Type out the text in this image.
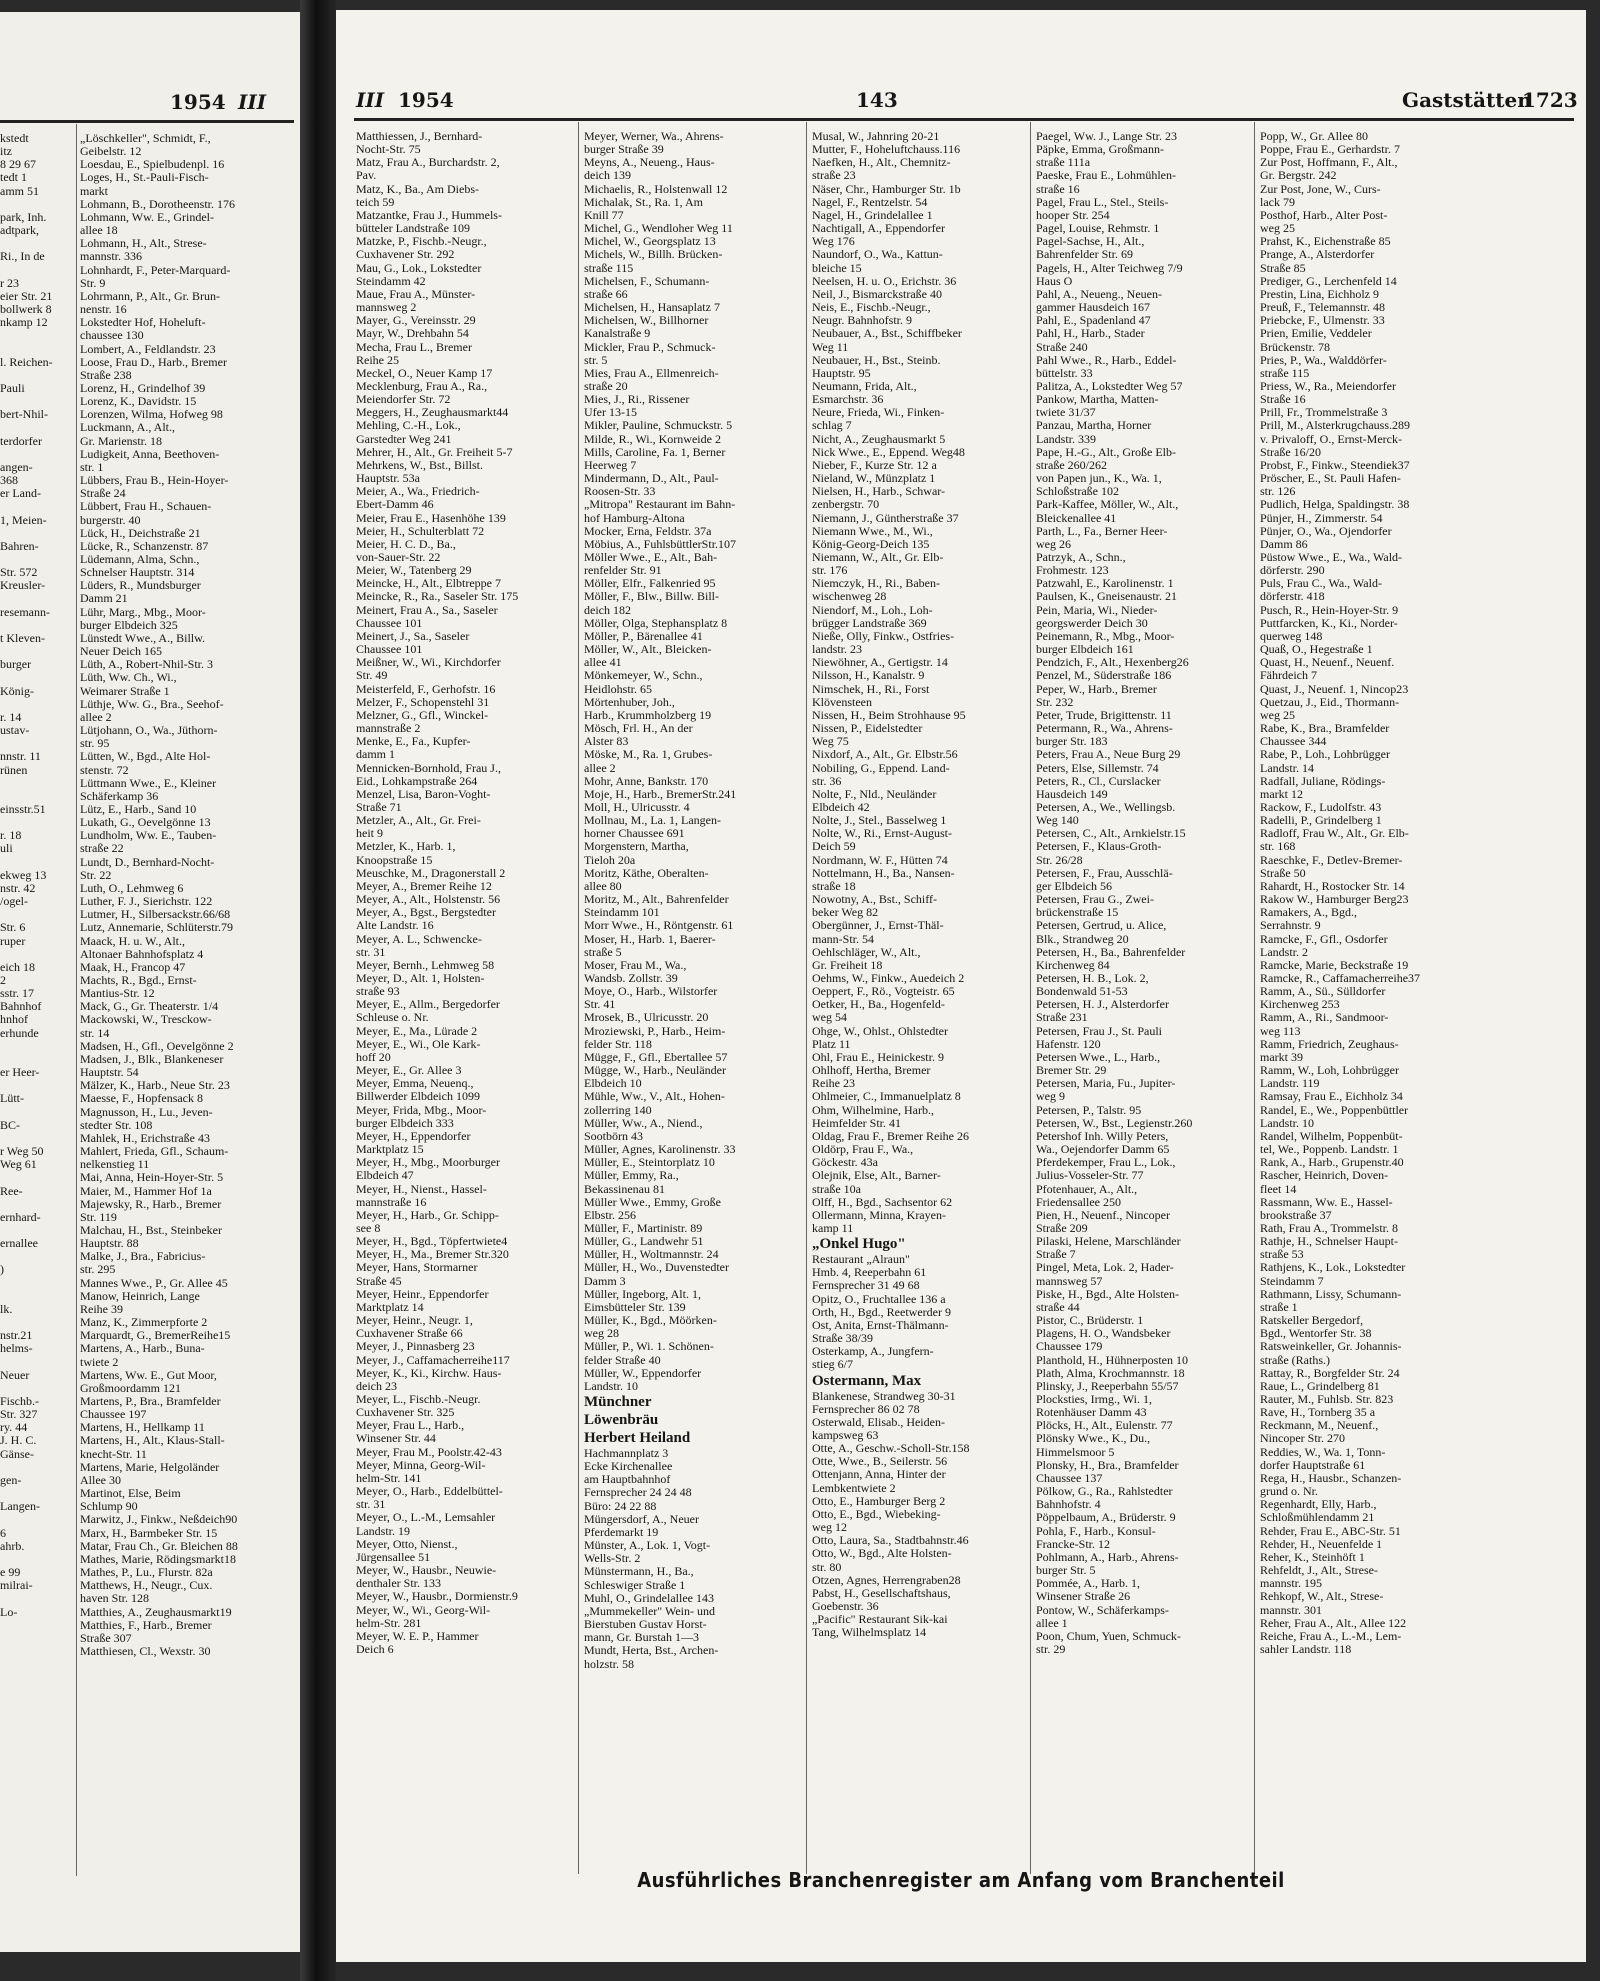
1954 III
kstedt
itz
8 29 67
tedt 1
amm 51

park, Inh.
adtpark,

Ri., In de

r 23
eier Str. 21
bollwerk 8
nkamp 12

l. Reichen-

Pauli

bert-Nhil-

terdorfer

angen-
368
er Land-

1, Meien-

Bahren-

Str. 572
Kreusler-

resemann-

t Kleven-

burger

König-

r. 14
ustav-

nnstr. 11
rünen

einsstr.51

r. 18
uli

ekweg 13
nstr. 42
/ogel-

Str. 6
ruper

eich 18
2
sstr. 17
Bahnhof
hnhof
erhunde

er Heer-

Lütt-

BC-

r Weg 50
Weg 61

Ree-

ernhard-

ernallee

)

lk.

nstr.21
helms-

Neuer

Fischb.-
Str. 327
ry. 44
J. H. C.
Gänse-

gen-

Langen-

6
ahrb.

e 99
milrai-

Lo-
„Löschkeller", Schmidt, F.,
Geibelstr. 12
Loesdau, E., Spielbudenpl. 16
Loges, H., St.-Pauli-Fisch-
markt
Lohmann, B., Dorotheenstr. 176
Lohmann, Ww. E., Grindel-
allee 18
Lohmann, H., Alt., Strese-
mannstr. 336
Lohnhardt, F., Peter-Marquard-
Str. 9
Lohrmann, P., Alt., Gr. Brun-
nenstr. 16
Lokstedter Hof, Hoheluft-
chaussee 130
Lombert, A., Feldlandstr. 23
Loose, Frau D., Harb., Bremer
Straße 238
Lorenz, H., Grindelhof 39
Lorenz, K., Davidstr. 15
Lorenzen, Wilma, Hofweg 98
Luckmann, A., Alt.,
Gr. Marienstr. 18
Ludigkeit, Anna, Beethoven-
str. 1
Lübbers, Frau B., Hein-Hoyer-
Straße 24
Lübbert, Frau H., Schauen-
burgerstr. 40
Lück, H., Deichstraße 21
Lücke, R., Schanzenstr. 87
Lüdemann, Alma, Schn.,
Schnelser Hauptstr. 314
Lüders, R., Mundsburger
Damm 21
Lühr, Marg., Mbg., Moor-
burger Elbdeich 325
Lünstedt Wwe., A., Billw.
Neuer Deich 165
Lüth, A., Robert-Nhil-Str. 3
Lüth, Ww. Ch., Wi.,
Weimarer Straße 1
Lüthje, Ww. G., Bra., Seehof-
allee 2
Lütjohann, O., Wa., Jüthorn-
str. 95
Lütten, W., Bgd., Alte Hol-
stenstr. 72
Lüttmann Wwe., E., Kleiner
Schäferkamp 36
Lütz, E., Harb., Sand 10
Lukath, G., Oevelgönne 13
Lundholm, Ww. E., Tauben-
straße 22
Lundt, D., Bernhard-Nocht-
Str. 22
Luth, O., Lehmweg 6
Luther, F. J., Sierichstr. 122
Lutmer, H., Silbersackstr.66/68
Lutz, Annemarie, Schlüterstr.79
Maack, H. u. W., Alt.,
Altonaer Bahnhofsplatz 4
Maak, H., Francop 47
Machts, R., Bgd., Ernst-
Mantius-Str. 12
Mack, G., Gr. Theaterstr. 1/4
Mackowski, W., Tresckow-
str. 14
Madsen, H., Gfl., Oevelgönne 2
Madsen, J., Blk., Blankeneser
Hauptstr. 54
Mälzer, K., Harb., Neue Str. 23
Maesse, F., Hopfensack 8
Magnusson, H., Lu., Jeven-
stedter Str. 108
Mahlek, H., Erichstraße 43
Mahlert, Frieda, Gfl., Schaum-
nelkenstieg 11
Mai, Anna, Hein-Hoyer-Str. 5
Maier, M., Hammer Hof 1a
Majewsky, R., Harb., Bremer
Str. 119
Malchau, H., Bst., Steinbeker
Hauptstr. 88
Malke, J., Bra., Fabricius-
str. 295
Mannes Wwe., P., Gr. Allee 45
Manow, Heinrich, Lange
Reihe 39
Manz, K., Zimmerpforte 2
Marquardt, G., BremerReihe15
Martens, A., Harb., Buna-
twiete 2
Martens, Ww. E., Gut Moor,
Großmoordamm 121
Martens, P., Bra., Bramfelder
Chaussee 197
Martens, H., Hellkamp 11
Martens, H., Alt., Klaus-Stall-
knecht-Str. 11
Martens, Marie, Helgoländer
Allee 30
Martinot, Else, Beim
Schlump 90
Marwitz, J., Finkw., Neßdeich90
Marx, H., Barmbeker Str. 15
Matar, Frau Ch., Gr. Bleichen 88
Mathes, Marie, Rödingsmarkt18
Mathes, P., Lu., Flurstr. 82a
Matthews, H., Neugr., Cux.
haven Str. 128
Matthies, A., Zeughausmarkt19
Matthies, F., Harb., Bremer
Straße 307
Matthiesen, Cl., Wexstr. 30
III 1954	143	Gaststätten
1723
Matthiessen, J., Bernhard-
Nocht-Str. 75
Matz, Frau A., Burchardstr. 2,
Pav.
Matz, K., Ba., Am Diebs-
teich 59
Matzantke, Frau J., Hummels-
bütteler Landstraße 109
Matzke, P., Fischb.-Neugr.,
Cuxhavener Str. 292
Mau, G., Lok., Lokstedter
Steindamm 42
Maue, Frau A., Münster-
mannsweg 2
Mayer, G., Vereinsstr. 29
Mayr, W., Drehbahn 54
Mecha, Frau L., Bremer
Reihe 25
Meckel, O., Neuer Kamp 17
Mecklenburg, Frau A., Ra.,
Meiendorfer Str. 72
Meggers, H., Zeughausmarkt44
Mehling, C.-H., Lok.,
Garstedter Weg 241
Mehrer, H., Alt., Gr. Freiheit 5-7
Mehrkens, W., Bst., Billst.
Hauptstr. 53a
Meier, A., Wa., Friedrich-
Ebert-Damm 46
Meier, Frau E., Hasenhöhe 139
Meier, H., Schulterblatt 72
Meier, H. C. D., Ba.,
von-Sauer-Str. 22
Meier, W., Tatenberg 29
Meincke, H., Alt., Elbtreppe 7
Meincke, R., Ra., Saseler Str. 175
Meinert, Frau A., Sa., Saseler
Chaussee 101
Meinert, J., Sa., Saseler
Chaussee 101
Meißner, W., Wi., Kirchdorfer
Str. 49
Meisterfeld, F., Gerhofstr. 16
Melzer, F., Schopenstehl 31
Melzner, G., Gfl., Winckel-
mannstraße 2
Menke, E., Fa., Kupfer-
damm 1
Mennicken-Bornhold, Frau J.,
Eid., Lohkampstraße 264
Menzel, Lisa, Baron-Voght-
Straße 71
Metzler, A., Alt., Gr. Frei-
heit 9
Metzler, K., Harb. 1,
Knoopstraße 15
Meuschke, M., Dragonerstall 2
Meyer, A., Bremer Reihe 12
Meyer, A., Alt., Holstenstr. 56
Meyer, A., Bgst., Bergstedter
Alte Landstr. 16
Meyer, A. L., Schwencke-
str. 31
Meyer, Bernh., Lehmweg 58
Meyer, D., Alt. 1, Holsten-
straße 93
Meyer, E., Allm., Bergedorfer
Schleuse o. Nr.
Meyer, E., Ma., Lürade 2
Meyer, E., Wi., Ole Kark-
hoff 20
Meyer, E., Gr. Allee 3
Meyer, Emma, Neuenq.,
Billwerder Elbdeich 1099
Meyer, Frida, Mbg., Moor-
burger Elbdeich 333
Meyer, H., Eppendorfer
Marktplatz 15
Meyer, H., Mbg., Moorburger
Elbdeich 47
Meyer, H., Nienst., Hassel-
mannstraße 16
Meyer, H., Harb., Gr. Schipp-
see 8
Meyer, H., Bgd., Töpfertwiete4
Meyer, H., Ma., Bremer Str.320
Meyer, Hans, Stormarner
Straße 45
Meyer, Heinr., Eppendorfer
Marktplatz 14
Meyer, Heinr., Neugr. 1,
Cuxhavener Straße 66
Meyer, J., Pinnasberg 23
Meyer, J., Caffamacherreihe117
Meyer, K., Ki., Kirchw. Haus-
deich 23
Meyer, L., Fischb.-Neugr.
Cuxhavener Str. 325
Meyer, Frau L., Harb.,
Winsener Str. 44
Meyer, Frau M., Poolstr.42-43
Meyer, Minna, Georg-Wil-
helm-Str. 141
Meyer, O., Harb., Eddelbüttel-
str. 31
Meyer, O., L.-M., Lemsahler
Landstr. 19
Meyer, Otto, Nienst.,
Jürgensallee 51
Meyer, W., Hausbr., Neuwie-
denthaler Str. 133
Meyer, W., Hausbr., Dormienstr.9
Meyer, W., Wi., Georg-Wil-
helm-Str. 281
Meyer, W. E. P., Hammer
Deich 6
Meyer, Werner, Wa., Ahrens-
burger Straße 39
Meyns, A., Neueng., Haus-
deich 139
Michaelis, R., Holstenwall 12
Michalak, St., Ra. 1, Am
Knill 77
Michel, G., Wendloher Weg 11
Michel, W., Georgsplatz 13
Michels, W., Billh. Brücken-
straße 115
Michelsen, F., Schumann-
straße 66
Michelsen, H., Hansaplatz 7
Michelsen, W., Billhorner
Kanalstraße 9
Mickler, Frau P., Schmuck-
str. 5
Mies, Frau A., Ellmenreich-
straße 20
Mies, J., Ri., Rissener
Ufer 13-15
Mikler, Pauline, Schmuckstr. 5
Milde, R., Wi., Kornweide 2
Mills, Caroline, Fa. 1, Berner
Heerweg 7
Mindermann, D., Alt., Paul-
Roosen-Str. 33
„Mitropa" Restaurant im Bahn-
hof Hamburg-Altona
Mocker, Erna, Feldstr. 37a
Möbius, A., FuhlsbüttlerStr.107
Möller Wwe., E., Alt., Bah-
renfelder Str. 91
Möller, Elfr., Falkenried 95
Möller, F., Blw., Billw. Bill-
deich 182
Möller, Olga, Stephansplatz 8
Möller, P., Bärenallee 41
Möller, W., Alt., Bleicken-
allee 41
Mönkemeyer, W., Schn.,
Heidlohstr. 65
Mörtenhuber, Joh.,
Harb., Krummholzberg 19
Mösch, Frl. H., An der
Alster 83
Möske, M., Ra. 1, Grubes-
allee 2
Mohr, Anne, Bankstr. 170
Moje, H., Harb., BremerStr.241
Moll, H., Ulricusstr. 4
Mollnau, M., La. 1, Langen-
horner Chaussee 691
Morgenstern, Martha,
Tieloh 20a
Moritz, Käthe, Oberalten-
allee 80
Moritz, M., Alt., Bahrenfelder
Steindamm 101
Morr Wwe., H., Röntgenstr. 61
Moser, H., Harb. 1, Baerer-
straße 5
Moser, Frau M., Wa.,
Wandsb. Zollstr. 39
Moye, O., Harb., Wilstorfer
Str. 41
Mrosek, B., Ulricusstr. 20
Mroziewski, P., Harb., Heim-
felder Str. 118
Mügge, F., Gfl., Ebertallee 57
Mügge, W., Harb., Neuländer
Elbdeich 10
Mühle, Ww., V., Alt., Hohen-
zollerring 140
Müller, Ww., A., Niend.,
Sootbörn 43
Müller, Agnes, Karolinenstr. 33
Müller, E., Steintorplatz 10
Müller, Emmy, Ra.,
Bekassinenau 81
Müller Wwe., Emmy, Große
Elbstr. 256
Müller, F., Martinistr. 89
Müller, G., Landwehr 51
Müller, H., Woltmannstr. 24
Müller, H., Wo., Duvenstedter
Damm 3
Müller, Ingeborg, Alt. 1,
Eimsbütteler Str. 139
Müller, K., Bgd., Möörken-
weg 28
Müller, P., Wi. 1. Schönen-
felder Straße 40
Müller, W., Eppendorfer
Landstr. 10
Münchner
Löwenbräu
Herbert Heiland
Hachmannplatz 3
Ecke Kirchenallee
am Hauptbahnhof
Fernsprecher 24 24 48
Büro: 24 22 88
Müngersdorf, A., Neuer
Pferdemarkt 19
Münster, A., Lok. 1, Vogt-
Wells-Str. 2
Münstermann, H., Ba.,
Schleswiger Straße 1
Muhl, O., Grindelallee 143
„Mummekeller" Wein- und
Bierstuben Gustav Horst-
mann, Gr. Burstah 1—3
Mundt, Herta, Bst., Archen-
holzstr. 58
Musal, W., Jahnring 20-21
Mutter, F., Hoheluftchauss.116
Naefken, H., Alt., Chemnitz-
straße 23
Näser, Chr., Hamburger Str. 1b
Nagel, F., Rentzelstr. 54
Nagel, H., Grindelallee 1
Nachtigall, A., Eppendorfer
Weg 176
Naundorf, O., Wa., Kattun-
bleiche 15
Neelsen, H. u. O., Erichstr. 36
Neil, J., Bismarckstraße 40
Neis, E., Fischb.-Neugr.,
Neugr. Bahnhofstr. 9
Neubauer, A., Bst., Schiffbeker
Weg 11
Neubauer, H., Bst., Steinb.
Hauptstr. 95
Neumann, Frida, Alt.,
Esmarchstr. 36
Neure, Frieda, Wi., Finken-
schlag 7
Nicht, A., Zeughausmarkt 5
Nick Wwe., E., Eppend. Weg48
Nieber, F., Kurze Str. 12 a
Nieland, W., Münzplatz 1
Nielsen, H., Harb., Schwar-
zenbergstr. 70
Niemann, J., Güntherstraße 37
Niemann Wwe., M., Wi.,
König-Georg-Deich 135
Niemann, W., Alt., Gr. Elb-
str. 176
Niemczyk, H., Ri., Baben-
wischenweg 28
Niendorf, M., Loh., Loh-
brügger Landstraße 369
Nieße, Olly, Finkw., Ostfries-
landstr. 23
Niewöhner, A., Gertigstr. 14
Nilsson, H., Kanalstr. 9
Nimschek, H., Ri., Forst
Klövensteen
Nissen, H., Beim Strohhause 95
Nissen, P., Eidelstedter
Weg 75
Nixdorf, A., Alt., Gr. Elbstr.56
Nobiling, G., Eppend. Land-
str. 36
Nolte, F., Nld., Neuländer
Elbdeich 42
Nolte, J., Stel., Basselweg 1
Nolte, W., Ri., Ernst-August-
Deich 59
Nordmann, W. F., Hütten 74
Nottelmann, H., Ba., Nansen-
straße 18
Nowotny, A., Bst., Schiff-
beker Weg 82
Obergünner, J., Ernst-Thäl-
mann-Str. 54
Oehlschläger, W., Alt.,
Gr. Freiheit 18
Oehms, W., Finkw., Auedeich 2
Oeppert, F., Rö., Vogteistr. 65
Oetker, H., Ba., Hogenfeld-
weg 54
Ohge, W., Ohlst., Ohlstedter
Platz 11
Ohl, Frau E., Heinickestr. 9
Ohlhoff, Hertha, Bremer
Reihe 23
Ohlmeier, C., Immanuelplatz 8
Ohm, Wilhelmine, Harb.,
Heimfelder Str. 41
Oldag, Frau F., Bremer Reihe 26
Oldörp, Frau F., Wa.,
Göckestr. 43a
Olejnik, Else, Alt., Barner-
straße 10a
Olff, H., Bgd., Sachsentor 62
Ollermann, Minna, Krayen-
kamp 11
„Onkel Hugo"
Restaurant „Alraun"
Hmb. 4, Reeperbahn 61
Fernsprecher 31 49 68
Opitz, O., Fruchtallee 136 a
Orth, H., Bgd., Reetwerder 9
Ost, Anita, Ernst-Thälmann-
Straße 38/39
Osterkamp, A., Jungfern-
stieg 6/7
Ostermann, Max
Blankenese, Strandweg 30-31
Fernsprecher 86 02 78
Osterwald, Elisab., Heiden-
kampsweg 63
Otte, A., Geschw.-Scholl-Str.158
Otte, Wwe., B., Seilerstr. 56
Ottenjann, Anna, Hinter der
Lembkentwiete 2
Otto, E., Hamburger Berg 2
Otto, E., Bgd., Wiebeking-
weg 12
Otto, Laura, Sa., Stadtbahnstr.46
Otto, W., Bgd., Alte Holsten-
str. 80
Otzen, Agnes, Herrengraben28
Pabst, H., Gesellschaftshaus,
Goebenstr. 36
„Pacific" Restaurant Sik-kai
Tang, Wilhelmsplatz 14
Paegel, Ww. J., Lange Str. 23
Päpke, Emma, Großmann-
straße 111a
Paeske, Frau E., Lohmühlen-
straße 16
Pagel, Frau L., Stel., Steils-
hooper Str. 254
Pagel, Louise, Rehmstr. 1
Pagel-Sachse, H., Alt.,
Bahrenfelder Str. 69
Pagels, H., Alter Teichweg 7/9
Haus O
Pahl, A., Neueng., Neuen-
gammer Hausdeich 167
Pahl, E., Spadenland 47
Pahl, H., Harb., Stader
Straße 240
Pahl Wwe., R., Harb., Eddel-
büttelstr. 33
Palitza, A., Lokstedter Weg 57
Pankow, Martha, Matten-
twiete 31/37
Panzau, Martha, Horner
Landstr. 339
Pape, H.-G., Alt., Große Elb-
straße 260/262
von Papen jun., K., Wa. 1,
Schloßstraße 102
Park-Kaffee, Möller, W., Alt.,
Bleickenallee 41
Parth, L., Fa., Berner Heer-
weg 26
Patrzyk, A., Schn.,
Frohmestr. 123
Patzwahl, E., Karolinenstr. 1
Paulsen, K., Gneisenaustr. 21
Pein, Maria, Wi., Nieder-
georgswerder Deich 30
Peinemann, R., Mbg., Moor-
burger Elbdeich 161
Pendzich, F., Alt., Hexenberg26
Penzel, M., Süderstraße 186
Peper, W., Harb., Bremer
Str. 232
Peter, Trude, Brigittenstr. 11
Petermann, R., Wa., Ahrens-
burger Str. 183
Peters, Frau A., Neue Burg 29
Peters, Else, Sillemstr. 74
Peters, R., Cl., Curslacker
Hausdeich 149
Petersen, A., We., Wellingsb.
Weg 140
Petersen, C., Alt., Arnkielstr.15
Petersen, F., Klaus-Groth-
Str. 26/28
Petersen, F., Frau, Ausschlä-
ger Elbdeich 56
Petersen, Frau G., Zwei-
brückenstraße 15
Petersen, Gertrud, u. Alice,
Blk., Strandweg 20
Petersen, H., Ba., Bahrenfelder
Kirchenweg 84
Petersen, H. B., Lok. 2,
Bondenwald 51-53
Petersen, H. J., Alsterdorfer
Straße 231
Petersen, Frau J., St. Pauli
Hafenstr. 120
Petersen Wwe., L., Harb.,
Bremer Str. 29
Petersen, Maria, Fu., Jupiter-
weg 9
Petersen, P., Talstr. 95
Petersen, W., Bst., Legienstr.260
Petershof Inh. Willy Peters,
Wa., Oejendorfer Damm 65
Pferdekemper, Frau L., Lok.,
Julius-Vosseler-Str. 77
Pfotenhauer, A., Alt.,
Friedensallee 250
Pien, H., Neuenf., Nincoper
Straße 209
Pilaski, Helene, Marschländer
Straße 7
Pingel, Meta, Lok. 2, Hader-
mannsweg 57
Piske, H., Bgd., Alte Holsten-
straße 44
Pistor, C., Brüderstr. 1
Plagens, H. O., Wandsbeker
Chaussee 179
Planthold, H., Hühnerposten 10
Plath, Alma, Krochmannstr. 18
Plinsky, J., Reeperbahn 55/57
Plocksties, Irmg., Wi. 1,
Rotenhäuser Damm 43
Plöcks, H., Alt., Eulenstr. 77
Plönsky Wwe., K., Du.,
Himmelsmoor 5
Plonsky, H., Bra., Bramfelder
Chaussee 137
Pölkow, G., Ra., Rahlstedter
Bahnhofstr. 4
Pöppelbaum, A., Brüderstr. 9
Pohla, F., Harb., Konsul-
Francke-Str. 12
Pohlmann, A., Harb., Ahrens-
burger Str. 5
Pommée, A., Harb. 1,
Winsener Straße 26
Pontow, W., Schäferkamps-
allee 1
Poon, Chum, Yuen, Schmuck-
str. 29
Popp, W., Gr. Allee 80
Poppe, Frau E., Gerhardstr. 7
Zur Post, Hoffmann, F., Alt.,
Gr. Bergstr. 242
Zur Post, Jone, W., Curs-
lack 79
Posthof, Harb., Alter Post-
weg 25
Prahst, K., Eichenstraße 85
Prange, A., Alsterdorfer
Straße 85
Prediger, G., Lerchenfeld 14
Prestin, Lina, Eichholz 9
Preuß, F., Telemannstr. 48
Priebcke, F., Ulmenstr. 33
Prien, Emilie, Veddeler
Brückenstr. 78
Pries, P., Wa., Walddörfer-
straße 115
Priess, W., Ra., Meiendorfer
Straße 16
Prill, Fr., Trommelstraße 3
Prill, M., Alsterkrugchauss.289
v. Privaloff, O., Ernst-Merck-
Straße 16/20
Probst, F., Finkw., Steendiek37
Pröscher, E., St. Pauli Hafen-
str. 126
Pudlich, Helga, Spaldingstr. 38
Pünjer, H., Zimmerstr. 54
Pünjer, O., Wa., Ojendorfer
Damm 86
Püstow Wwe., E., Wa., Wald-
dörferstr. 290
Puls, Frau C., Wa., Wald-
dörferstr. 418
Pusch, R., Hein-Hoyer-Str. 9
Puttfarcken, K., Ki., Norder-
querweg 148
Quaß, O., Hegestraße 1
Quast, H., Neuenf., Neuenf.
Fährdeich 7
Quast, J., Neuenf. 1, Nincop23
Quetzau, J., Eid., Thormann-
weg 25
Rabe, K., Bra., Bramfelder
Chaussee 344
Rabe, P., Loh., Lohbrügger
Landstr. 14
Radfall, Juliane, Rödings-
markt 12
Rackow, F., Ludolfstr. 43
Radelli, P., Grindelberg 1
Radloff, Frau W., Alt., Gr. Elb-
str. 168
Raeschke, F., Detlev-Bremer-
Straße 50
Rahardt, H., Rostocker Str. 14
Rakow W., Hamburger Berg23
Ramakers, A., Bgd.,
Serrahnstr. 9
Ramcke, F., Gfl., Osdorfer
Landstr. 2
Ramcke, Marie, Beckstraße 19
Ramcke, R., Caffamacherreihe37
Ramm, A., Sü., Sülldorfer
Kirchenweg 253
Ramm, A., Ri., Sandmoor-
weg 113
Ramm, Friedrich, Zeughaus-
markt 39
Ramm, W., Loh, Lohbrügger
Landstr. 119
Ramsay, Frau E., Eichholz 34
Randel, E., We., Poppenbüttler
Landstr. 10
Randel, Wilhelm, Poppenbüt-
tel, We., Poppenb. Landstr. 1
Rank, A., Harb., Grupenstr.40
Rascher, Heinrich, Doven-
fleet 14
Rassmann, Ww. E., Hassel-
brookstraße 37
Rath, Frau A., Trommelstr. 8
Rathje, H., Schnelser Haupt-
straße 53
Rathjens, K., Lok., Lokstedter
Steindamm 7
Rathmann, Lissy, Schumann-
straße 1
Ratskeller Bergedorf,
Bgd., Wentorfer Str. 38
Ratsweinkeller, Gr. Johannis-
straße (Raths.)
Rattay, R., Borgfelder Str. 24
Raue, L., Grindelberg 81
Rauter, M., Fuhlsb. Str. 823
Rave, H., Tornberg 35 a
Reckmann, M., Neuenf.,
Nincoper Str. 270
Reddies, W., Wa. 1, Tonn-
dorfer Hauptstraße 61
Rega, H., Hausbr., Schanzen-
grund o. Nr.
Regenhardt, Elly, Harb.,
Schloßmühlendamm 21
Rehder, Frau E., ABC-Str. 51
Rehder, H., Neuenfelde 1
Reher, K., Steinhöft 1
Rehfeldt, J., Alt., Strese-
mannstr. 195
Rehkopf, W., Alt., Strese-
mannstr. 301
Reher, Frau A., Alt., Allee 122
Reiche, Frau A., L.-M., Lem-
sahler Landstr. 118
Ausführliches Branchenregister am Anfang vom Branchenteil
